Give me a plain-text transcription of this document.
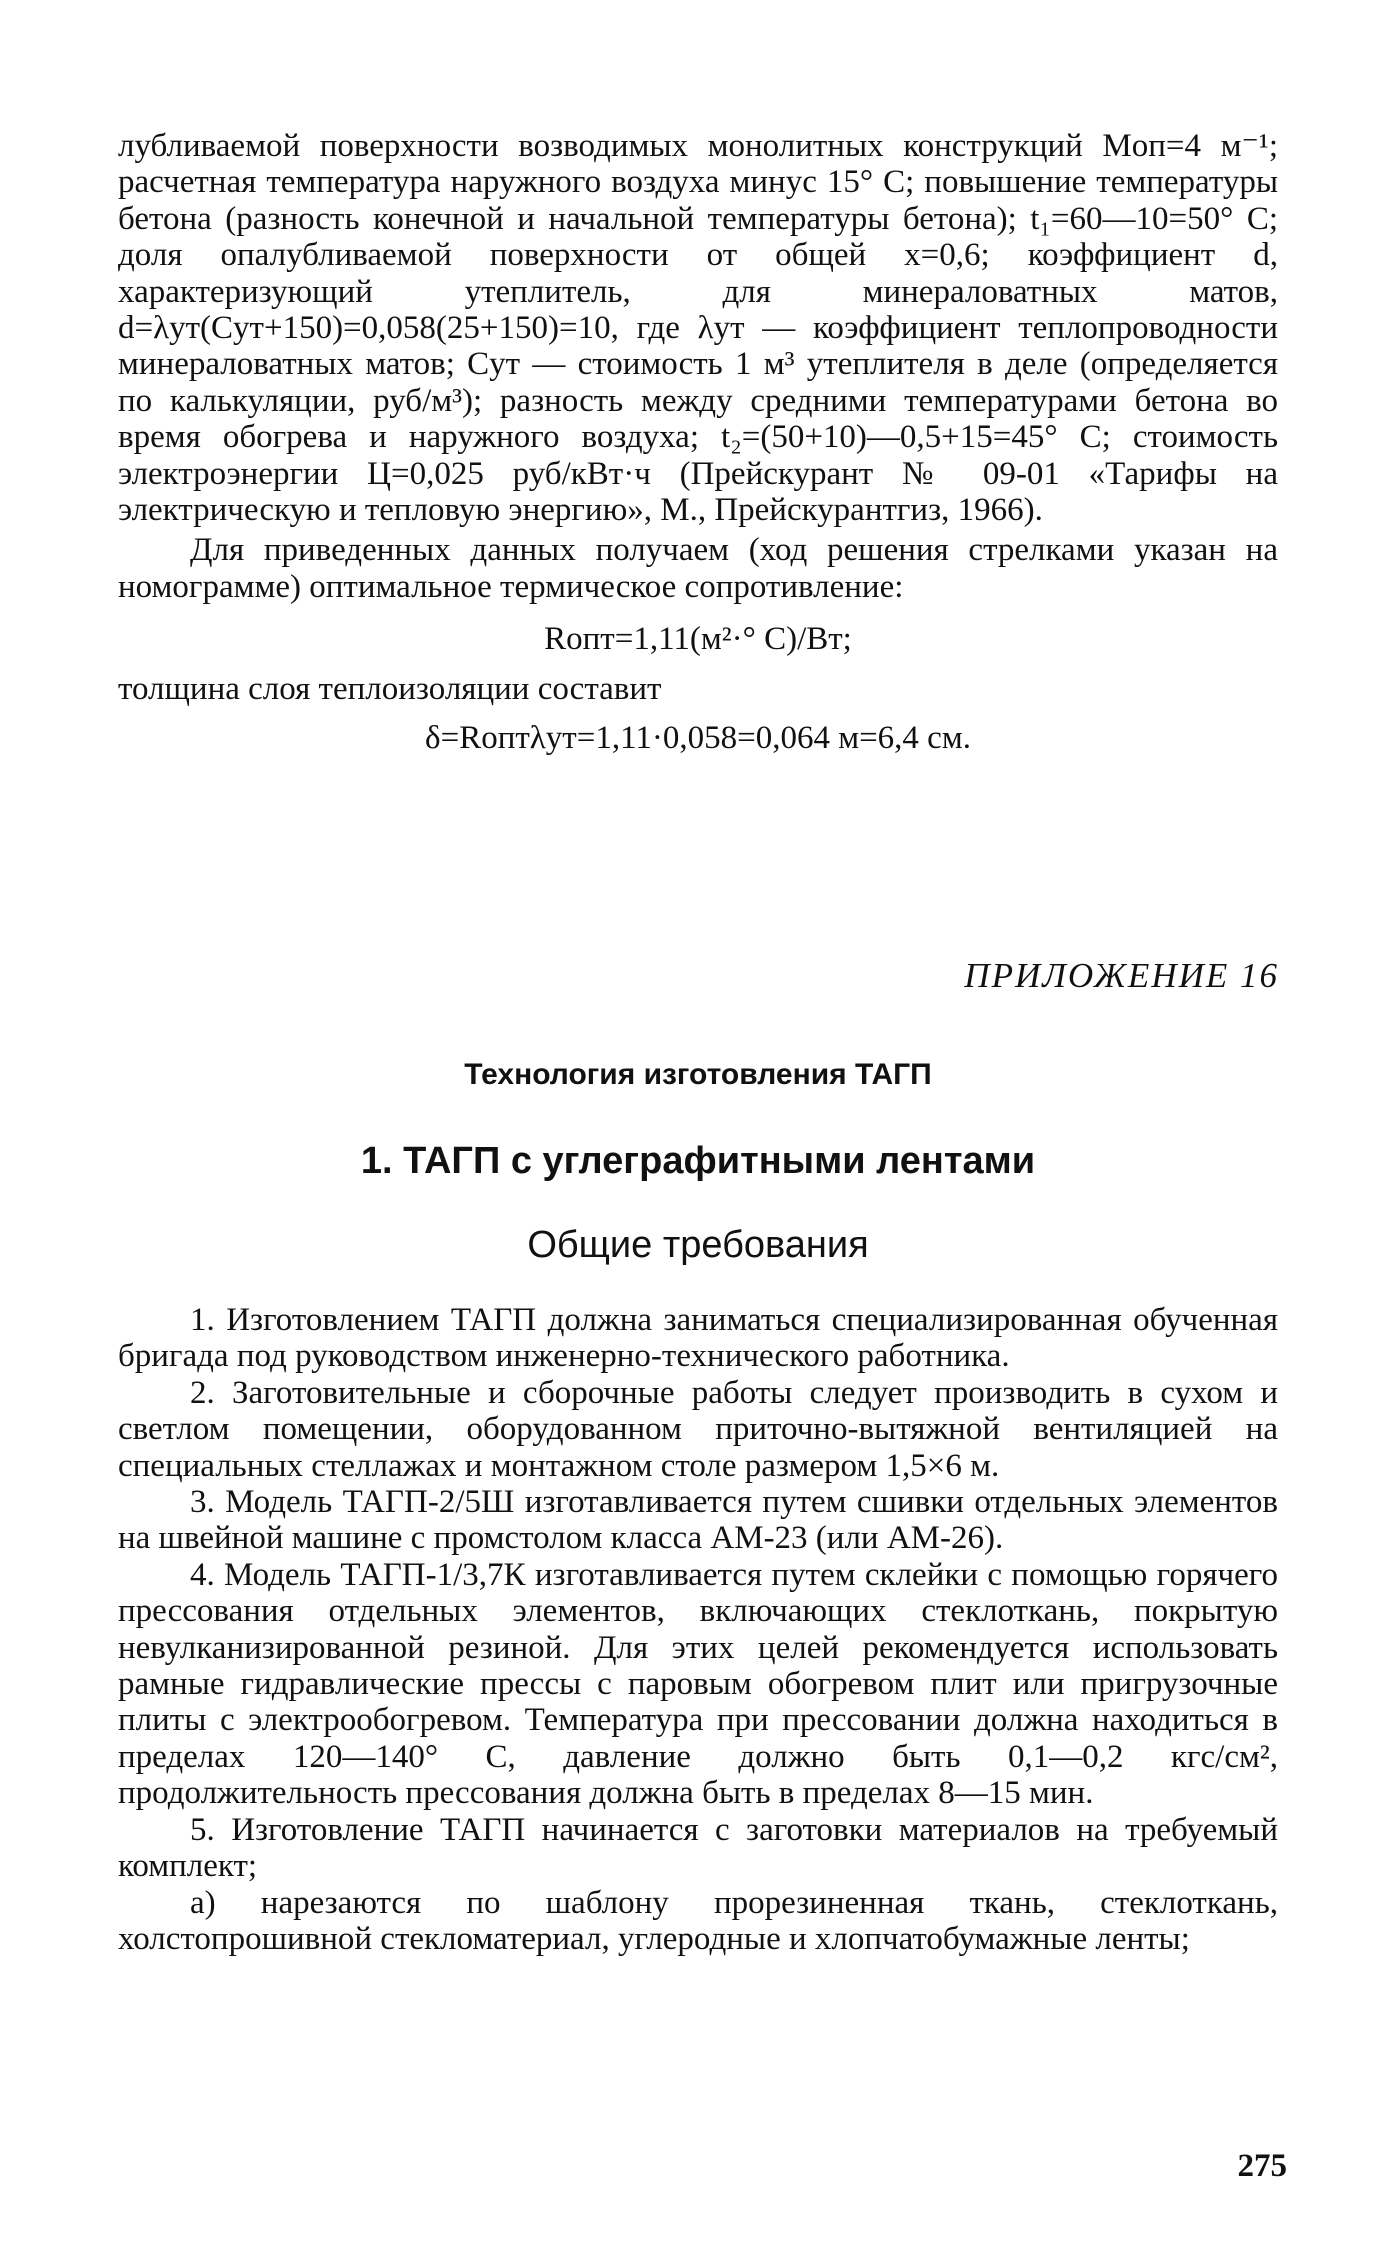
лубливаемой поверхности возводимых монолитных конструкций Mоп=4 м⁻¹; расчетная температура наружного воздуха минус 15° С; повышение температуры бетона (разность конечной и начальной температуры бетона); t₁=60—10=50° С; доля опалубливаемой поверхности от общей x=0,6; коэффициент d, характеризующий утеплитель, для минераловатных матов, d=λут(Cут+150)=0,058(25+150)=10, где λут — коэффициент теплопроводности минераловатных матов; Cут — стоимость 1 м³ утеплителя в деле (определяется по калькуляции, руб/м³); разность между средними температурами бетона во время обогрева и наружного воздуха; t₂=(50+10)—0,5+15=45° С; стоимость электроэнергии Ц=0,025 руб/кВт·ч (Прейскурант № 09-01 «Тарифы на электрическую и тепловую энергию», М., Прейскурантгиз, 1966).

Для приведенных данных получаем (ход решения стрелками указан на номограмме) оптимальное термическое сопротивление:

Rопт=1,11(м²·° С)/Вт;

толщина слоя теплоизоляции составит

δ=Rоптλут=1,11·0,058=0,064 м=6,4 см.

ПРИЛОЖЕНИЕ 16
Технология изготовления ТАГП
1. ТАГП с углеграфитными лентами
Общие требования

1. Изготовлением ТАГП должна заниматься специализированная обученная бригада под руководством инженерно-технического работника.

2. Заготовительные и сборочные работы следует производить в сухом и светлом помещении, оборудованном приточно-вытяжной вентиляцией на специальных стеллажах и монтажном столе размером 1,5×6 м.

3. Модель ТАГП-2/5Ш изготавливается путем сшивки отдельных элементов на швейной машине с промстолом класса АМ-23 (или АМ-26).

4. Модель ТАГП-1/3,7К изготавливается путем склейки с помощью горячего прессования отдельных элементов, включающих стеклоткань, покрытую невулканизированной резиной. Для этих целей рекомендуется использовать рамные гидравлические прессы с паровым обогревом плит или пригрузочные плиты с электрообогревом. Температура при прессовании должна находиться в пределах 120—140° С, давление должно быть 0,1—0,2 кгс/см², продолжительность прессования должна быть в пределах 8—15 мин.

5. Изготовление ТАГП начинается с заготовки материалов на требуемый комплект;

а) нарезаются по шаблону прорезиненная ткань, стеклоткань, холстопрошивной стекломатериал, углеродные и хлопчатобумажные ленты;

275
